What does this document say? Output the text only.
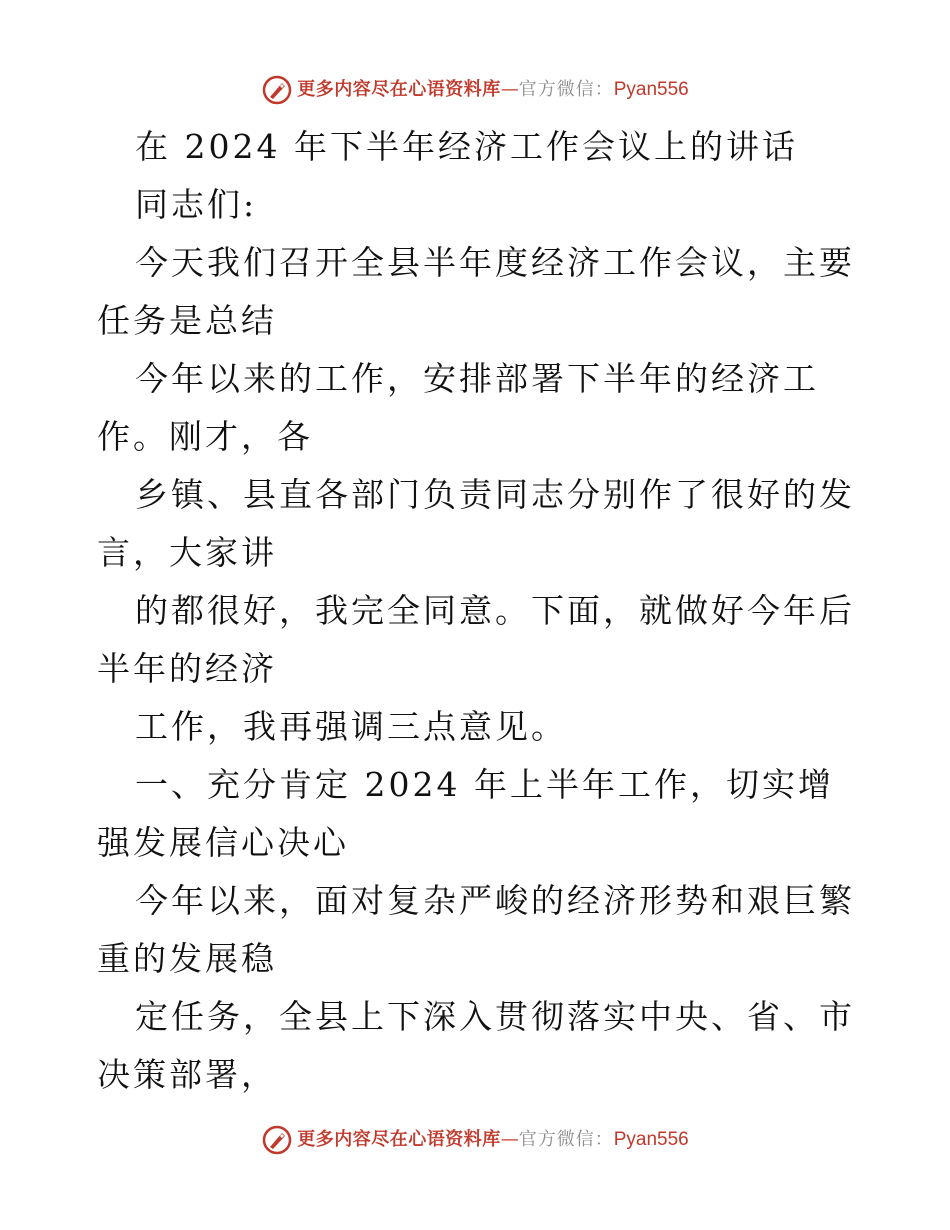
更多内容尽在心语资料库 — 官方微信： Pyan556

在 2024 年下半年经济工作会议上的讲话

同志们:

今天我们召开全县半年度经济工作会议，主要任务是总结

今年以来的工作，安排部署下半年的经济工作。刚才，各

乡镇、县直各部门负责同志分别作了很好的发言，大家讲

的都很好，我完全同意。下面，就做好今年后半年的经济

工作，我再强调三点意见。

一、充分肯定 2024 年上半年工作，切实增强发展信心决心

今年以来，面对复杂严峻的经济形势和艰巨繁重的发展稳

定任务，全县上下深入贯彻落实中央、省、市决策部署，

更多内容尽在心语资料库 — 官方微信： Pyan556
